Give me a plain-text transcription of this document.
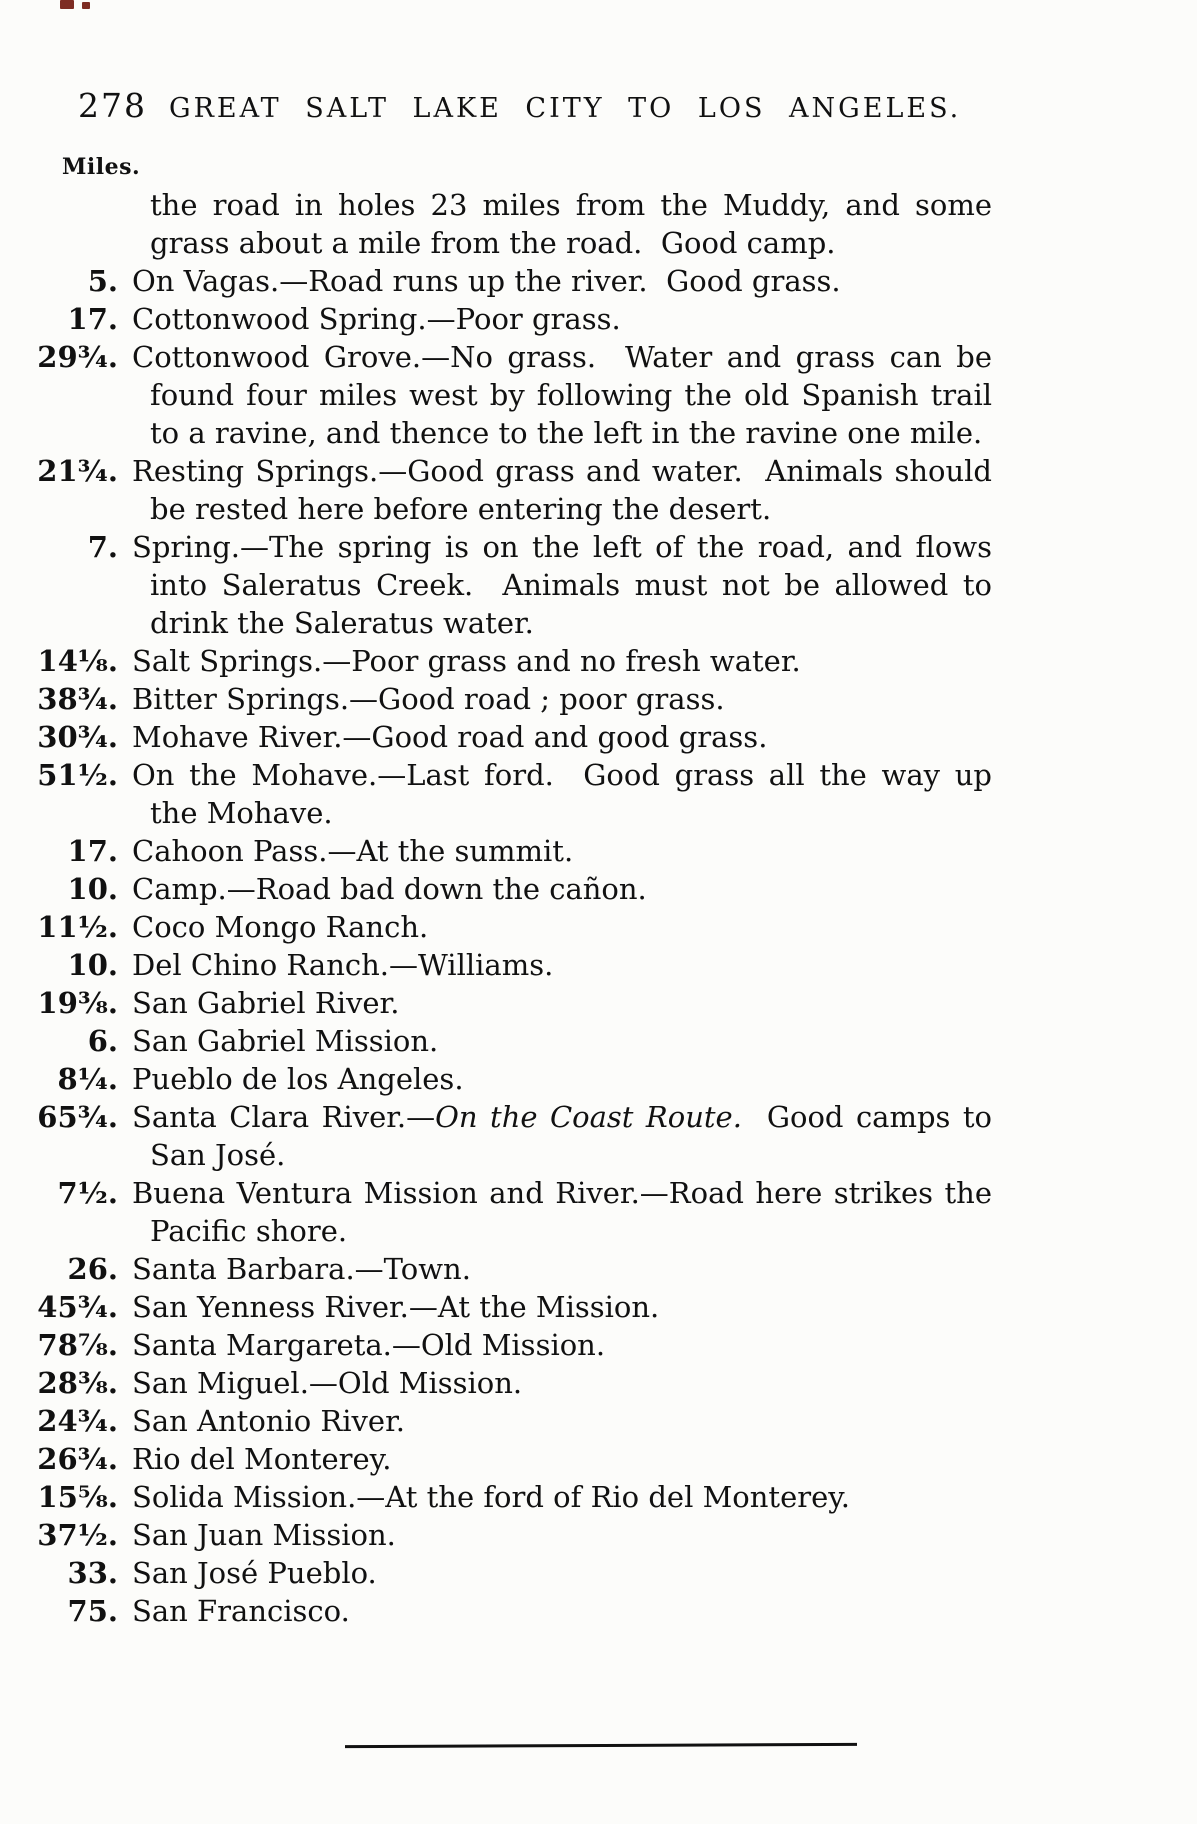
278 GREAT SALT LAKE CITY TO LOS ANGELES.
Miles.

the road in holes 23 miles from the Muddy, and some grass about a mile from the road.  Good camp.

5. On Vagas.—Road runs up the river.  Good grass.

17. Cottonwood Spring.—Poor grass.

29¾. Cottonwood Grove.—No grass.  Water and grass can be found four miles west by following the old Spanish trail to a ravine, and thence to the left in the ravine one mile.

21¾. Resting Springs.—Good grass and water.  Animals should be rested here before entering the desert.

7. Spring.—The spring is on the left of the road, and flows into Saleratus Creek.  Animals must not be allowed to drink the Saleratus water.

14⅛. Salt Springs.—Poor grass and no fresh water.

38¾. Bitter Springs.—Good road ; poor grass.

30¾. Mohave River.—Good road and good grass.

51½. On the Mohave.—Last ford.  Good grass all the way up the Mohave.

17. Cahoon Pass.—At the summit.

10. Camp.—Road bad down the cañon.

11½. Coco Mongo Ranch.

10. Del Chino Ranch.—Williams.

19⅜. San Gabriel River.

6. San Gabriel Mission.

8¼. Pueblo de los Angeles.

65¾. Santa Clara River.—On the Coast Route.  Good camps to San José.

7½. Buena Ventura Mission and River.—Road here strikes the Pacific shore.

26. Santa Barbara.—Town.

45¾. San Yenness River.—At the Mission.

78⅞. Santa Margareta.—Old Mission.

28⅜. San Miguel.—Old Mission.

24¾. San Antonio River.

26¾. Rio del Monterey.

15⅝. Solida Mission.—At the ford of Rio del Monterey.

37½. San Juan Mission.

33. San José Pueblo.

75. San Francisco.
